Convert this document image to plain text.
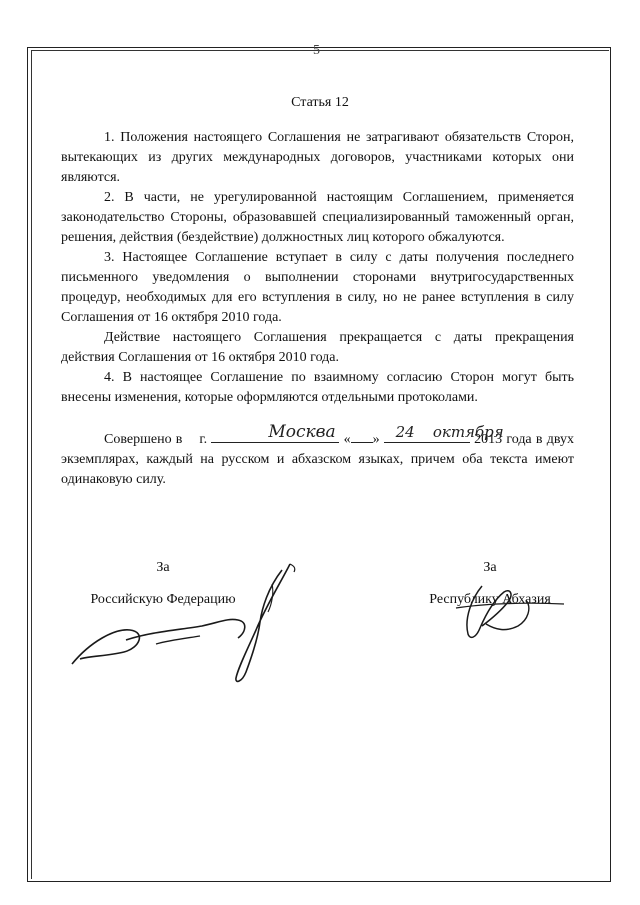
5
Статья 12

1. Положения настоящего Соглашения не затрагивают обязательств Сторон, вытекающих из других международных договоров, участниками которых они являются.

2. В части, не урегулированной настоящим Соглашением, применяется законодательство Стороны, образовавшей специализированный таможенный орган, решения, действия (бездействие) должностных лиц которого обжалуются.

3. Настоящее Соглашение вступает в силу с даты получения последнего письменного уведомления о выполнении сторонами внутригосударственных процедур, необходимых для его вступления в силу, но не ранее вступления в силу Соглашения от 16 октября 2010 года.

Действие настоящего Соглашения прекращается с даты прекращения действия Соглашения от 16 октября 2010 года.

4. В настоящее Соглашение по взаимному согласию Сторон могут быть внесены изменения, которые оформляются отдельными протоколами.

Совершено в г.	Москва «	24
»	октября
2013 года в двух экземплярах, каждый на русском и абхазском языках, причем оба текста имеют одинаковую силу.

За
Российскую Федерацию
За
Республику Абхазия
